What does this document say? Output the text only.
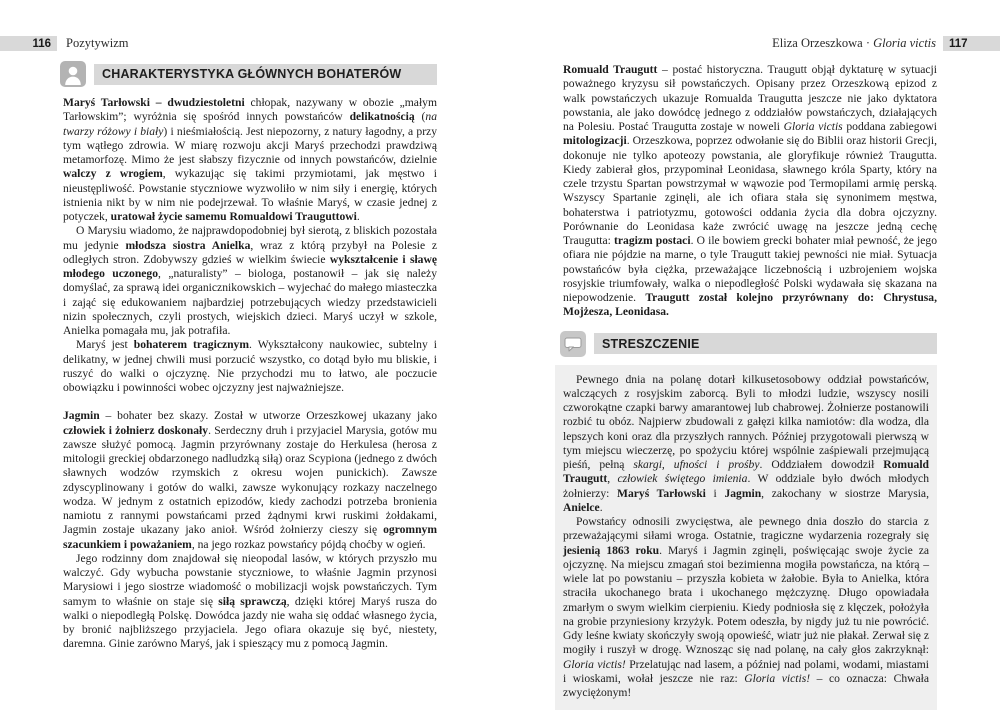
116 Pozytywizm	Eliza Orzeszkowa · Gloria victis 117
CHARAKTERYSTYKA GŁÓWNYCH BOHATERÓW

Maryś Tarłowski – dwudziestoletni chłopak, nazywany w obozie „małym Tarłowskim”; wyróżnia się spośród innych powstańców delikatnością (na twarzy różowy i biały) i nieśmiałością. Jest niepozorny, z natury łagodny, a przy tym wątłego zdrowia. W miarę rozwoju akcji Maryś przechodzi prawdziwą metamorfozę. Mimo że jest słabszy fizycznie od innych powstańców, dzielnie walczy z wrogiem, wykazując się takimi przymiotami, jak męstwo i nieustępliwość. Powstanie styczniowe wyzwoliło w nim siły i energię, których istnienia nikt by w nim nie podejrzewał. To właśnie Maryś, w czasie jednej z potyczek, uratował życie samemu Romualdowi Trauguttowi.

O Marysiu wiadomo, że najprawdopodobniej był sierotą, z bliskich pozostała mu jedynie młodsza siostra Anielka, wraz z którą przybył na Polesie z odległych stron. Zdobywszy gdzieś w wielkim świecie wykształcenie i sławę młodego uczonego, „naturalisty” – biologa, postanowił – jak się należy domyślać, za sprawą idei organicznikowskich – wyjechać do małego miasteczka i zająć się edukowaniem najbardziej potrzebujących wiedzy przedstawicieli nizin społecznych, czyli prostych, wiejskich dzieci. Maryś uczył w szkole, Anielka pomagała mu, jak potrafiła.

Maryś jest bohaterem tragicznym. Wykształcony naukowiec, subtelny i delikatny, w jednej chwili musi porzucić wszystko, co dotąd było mu bliskie, i ruszyć do walki o ojczyznę. Nie przychodzi mu to łatwo, ale poczucie obowiązku i powinności wobec ojczyzny jest najważniejsze.

Jagmin – bohater bez skazy. Został w utworze Orzeszkowej ukazany jako człowiek i żołnierz doskonały. Serdeczny druh i przyjaciel Marysia, gotów mu zawsze służyć pomocą. Jagmin przyrównany zostaje do Herkulesa (herosa z mitologii greckiej obdarzonego nadludzką siłą) oraz Scypiona (jednego z dwóch sławnych wodzów rzymskich z okresu wojen punickich). Zawsze zdyscyplinowany i gotów do walki, zawsze wykonujący rozkazy naczelnego wodza. W jednym z ostatnich epizodów, kiedy zachodzi potrzeba bronienia namiotu z rannymi powstańcami przed żądnymi krwi ruskimi żołdakami, Jagmin zostaje ukazany jako anioł. Wśród żołnierzy cieszy się ogromnym szacunkiem i poważaniem, na jego rozkaz powstańcy pójdą choćby w ogień.

Jego rodzinny dom znajdował się nieopodal lasów, w których przyszło mu walczyć. Gdy wybucha powstanie styczniowe, to właśnie Jagmin przynosi Marysiowi i jego siostrze wiadomość o mobilizacji wojsk powstańczych. Tym samym to właśnie on staje się siłą sprawczą, dzięki której Maryś rusza do walki o niepodległą Polskę. Dowódca jazdy nie waha się oddać własnego życia, by bronić najbliższego przyjaciela. Jego ofiara okazuje się być, niestety, daremna. Ginie zarówno Maryś, jak i spieszący mu z pomocą Jagmin.

Romuald Traugutt – postać historyczna. Traugutt objął dyktaturę w sytuacji poważnego kryzysu sił powstańczych. Opisany przez Orzeszkową epizod z walk powstańczych ukazuje Romualda Traugutta jeszcze nie jako dyktatora powstania, ale jako dowódcę jednego z oddziałów powstańczych, działających na Polesiu. Postać Traugutta zostaje w noweli Gloria victis poddana zabiegowi mitologizacji. Orzeszkowa, poprzez odwołanie się do Biblii oraz historii Grecji, dokonuje nie tylko apoteozy powstania, ale gloryfikuje również Traugutta. Kiedy zabierał głos, przypominał Leonidasa, sławnego króla Sparty, który na czele trzystu Spartan powstrzymał w wąwozie pod Termopilami armię perską. Wszyscy Spartanie zginęli, ale ich ofiara stała się synonimem męstwa, bohaterstwa i patriotyzmu, gotowości oddania życia dla dobra ojczyzny. Porównanie do Leonidasa każe zwrócić uwagę na jeszcze jedną cechę Traugutta: tragizm postaci. O ile bowiem grecki bohater miał pewność, że jego ofiara nie pójdzie na marne, o tyle Traugutt takiej pewności nie miał. Sytuacja powstańców była ciężka, przeważające liczebnością i uzbrojeniem wojska rosyjskie triumfowały, walka o niepodległość Polski wydawała się skazana na niepowodzenie. Traugutt został kolejno przyrównany do: Chrystusa, Mojżesza, Leonidasa.

STRESZCZENIE

Pewnego dnia na polanę dotarł kilkusetosobowy oddział powstańców, walczących z rosyjskim zaborcą. Byli to młodzi ludzie, wszyscy nosili czworokątne czapki barwy amarantowej lub chabrowej. Żołnierze postanowili rozbić tu obóz. Najpierw zbudowali z gałęzi kilka namiotów: dla wodza, dla lepszych koni oraz dla przyszłych rannych. Później przygotowali pierwszą w tym miejscu wieczerzę, po spożyciu której wspólnie zaśpiewali przejmującą pieśń, pełną skargi, ufności i prośby. Oddziałem dowodził Romuald Traugutt, człowiek świętego imienia. W oddziale było dwóch młodych żołnierzy: Maryś Tarłowski i Jagmin, zakochany w siostrze Marysia, Anielce.

Powstańcy odnosili zwycięstwa, ale pewnego dnia doszło do starcia z przeważającymi siłami wroga. Ostatnie, tragiczne wydarzenia rozegrały się jesienią 1863 roku. Maryś i Jagmin zginęli, poświęcając swoje życie za ojczyznę. Na miejscu zmagań stoi bezimienna mogiła powstańcza, na którą – wiele lat po powstaniu – przyszła kobieta w żałobie. Była to Anielka, która straciła ukochanego brata i ukochanego mężczyznę. Długo opowiadała zmarłym o swym wielkim cierpieniu. Kiedy podniosła się z klęczek, położyła na grobie przyniesiony krzyżyk. Potem odeszła, by nigdy już tu nie powrócić. Gdy leśne kwiaty skończyły swoją opowieść, wiatr już nie płakał. Zerwał się z mogiły i ruszył w drogę. Wznosząc się nad polanę, na cały głos zakrzyknął: Gloria victis! Przelatując nad lasem, a później nad polami, wodami, miastami i wioskami, wołał jeszcze nie raz: Gloria victis! – co oznacza: Chwała zwyciężonym!
